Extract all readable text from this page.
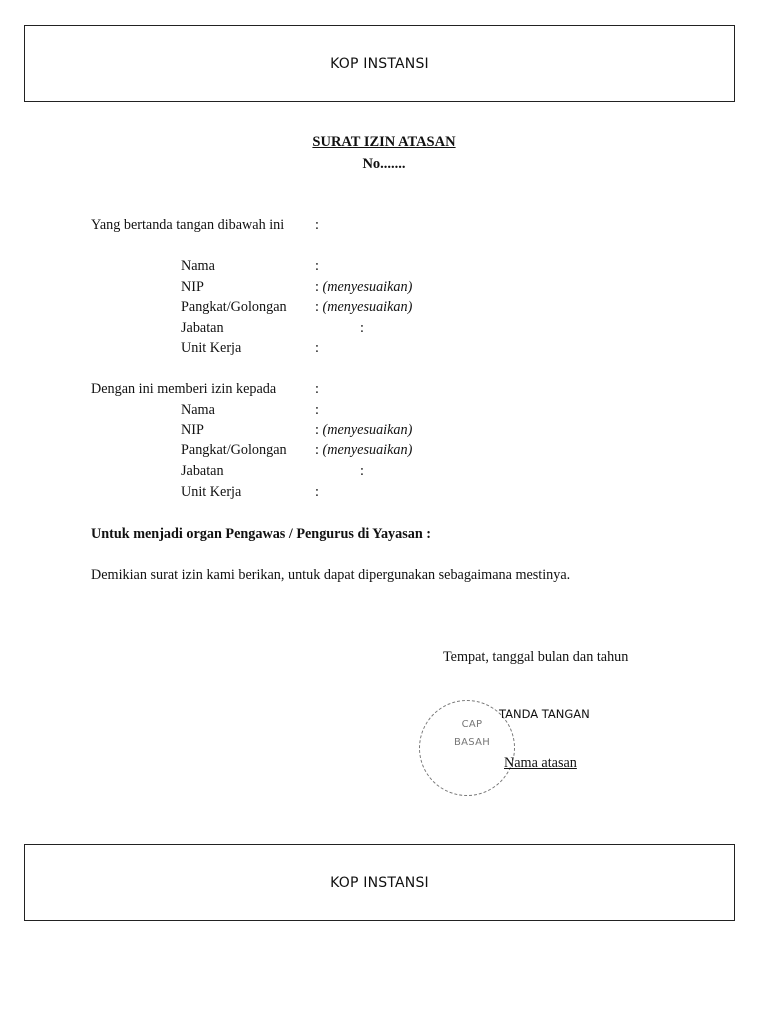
KOP INSTANSI
SURAT IZIN ATASAN
No.......
Yang bertanda tangan dibawah ini :
Nama	:
NIP	: (menyesuaikan)
Pangkat/Golongan : (menyesuaikan)
Jabatan	:
Unit Kerja	:
Dengan ini memberi izin kepada	:
Nama	:
NIP	: (menyesuaikan)
Pangkat/Golongan : (menyesuaikan)
Jabatan	:
Unit Kerja	:
Untuk menjadi organ Pengawas / Pengurus di Yayasan :
Demikian surat izin kami berikan, untuk dapat dipergunakan sebagaimana mestinya.
Tempat, tanggal bulan dan tahun
CAP
BASAH
TANDA TANGAN
Nama atasan
KOP INSTANSI
